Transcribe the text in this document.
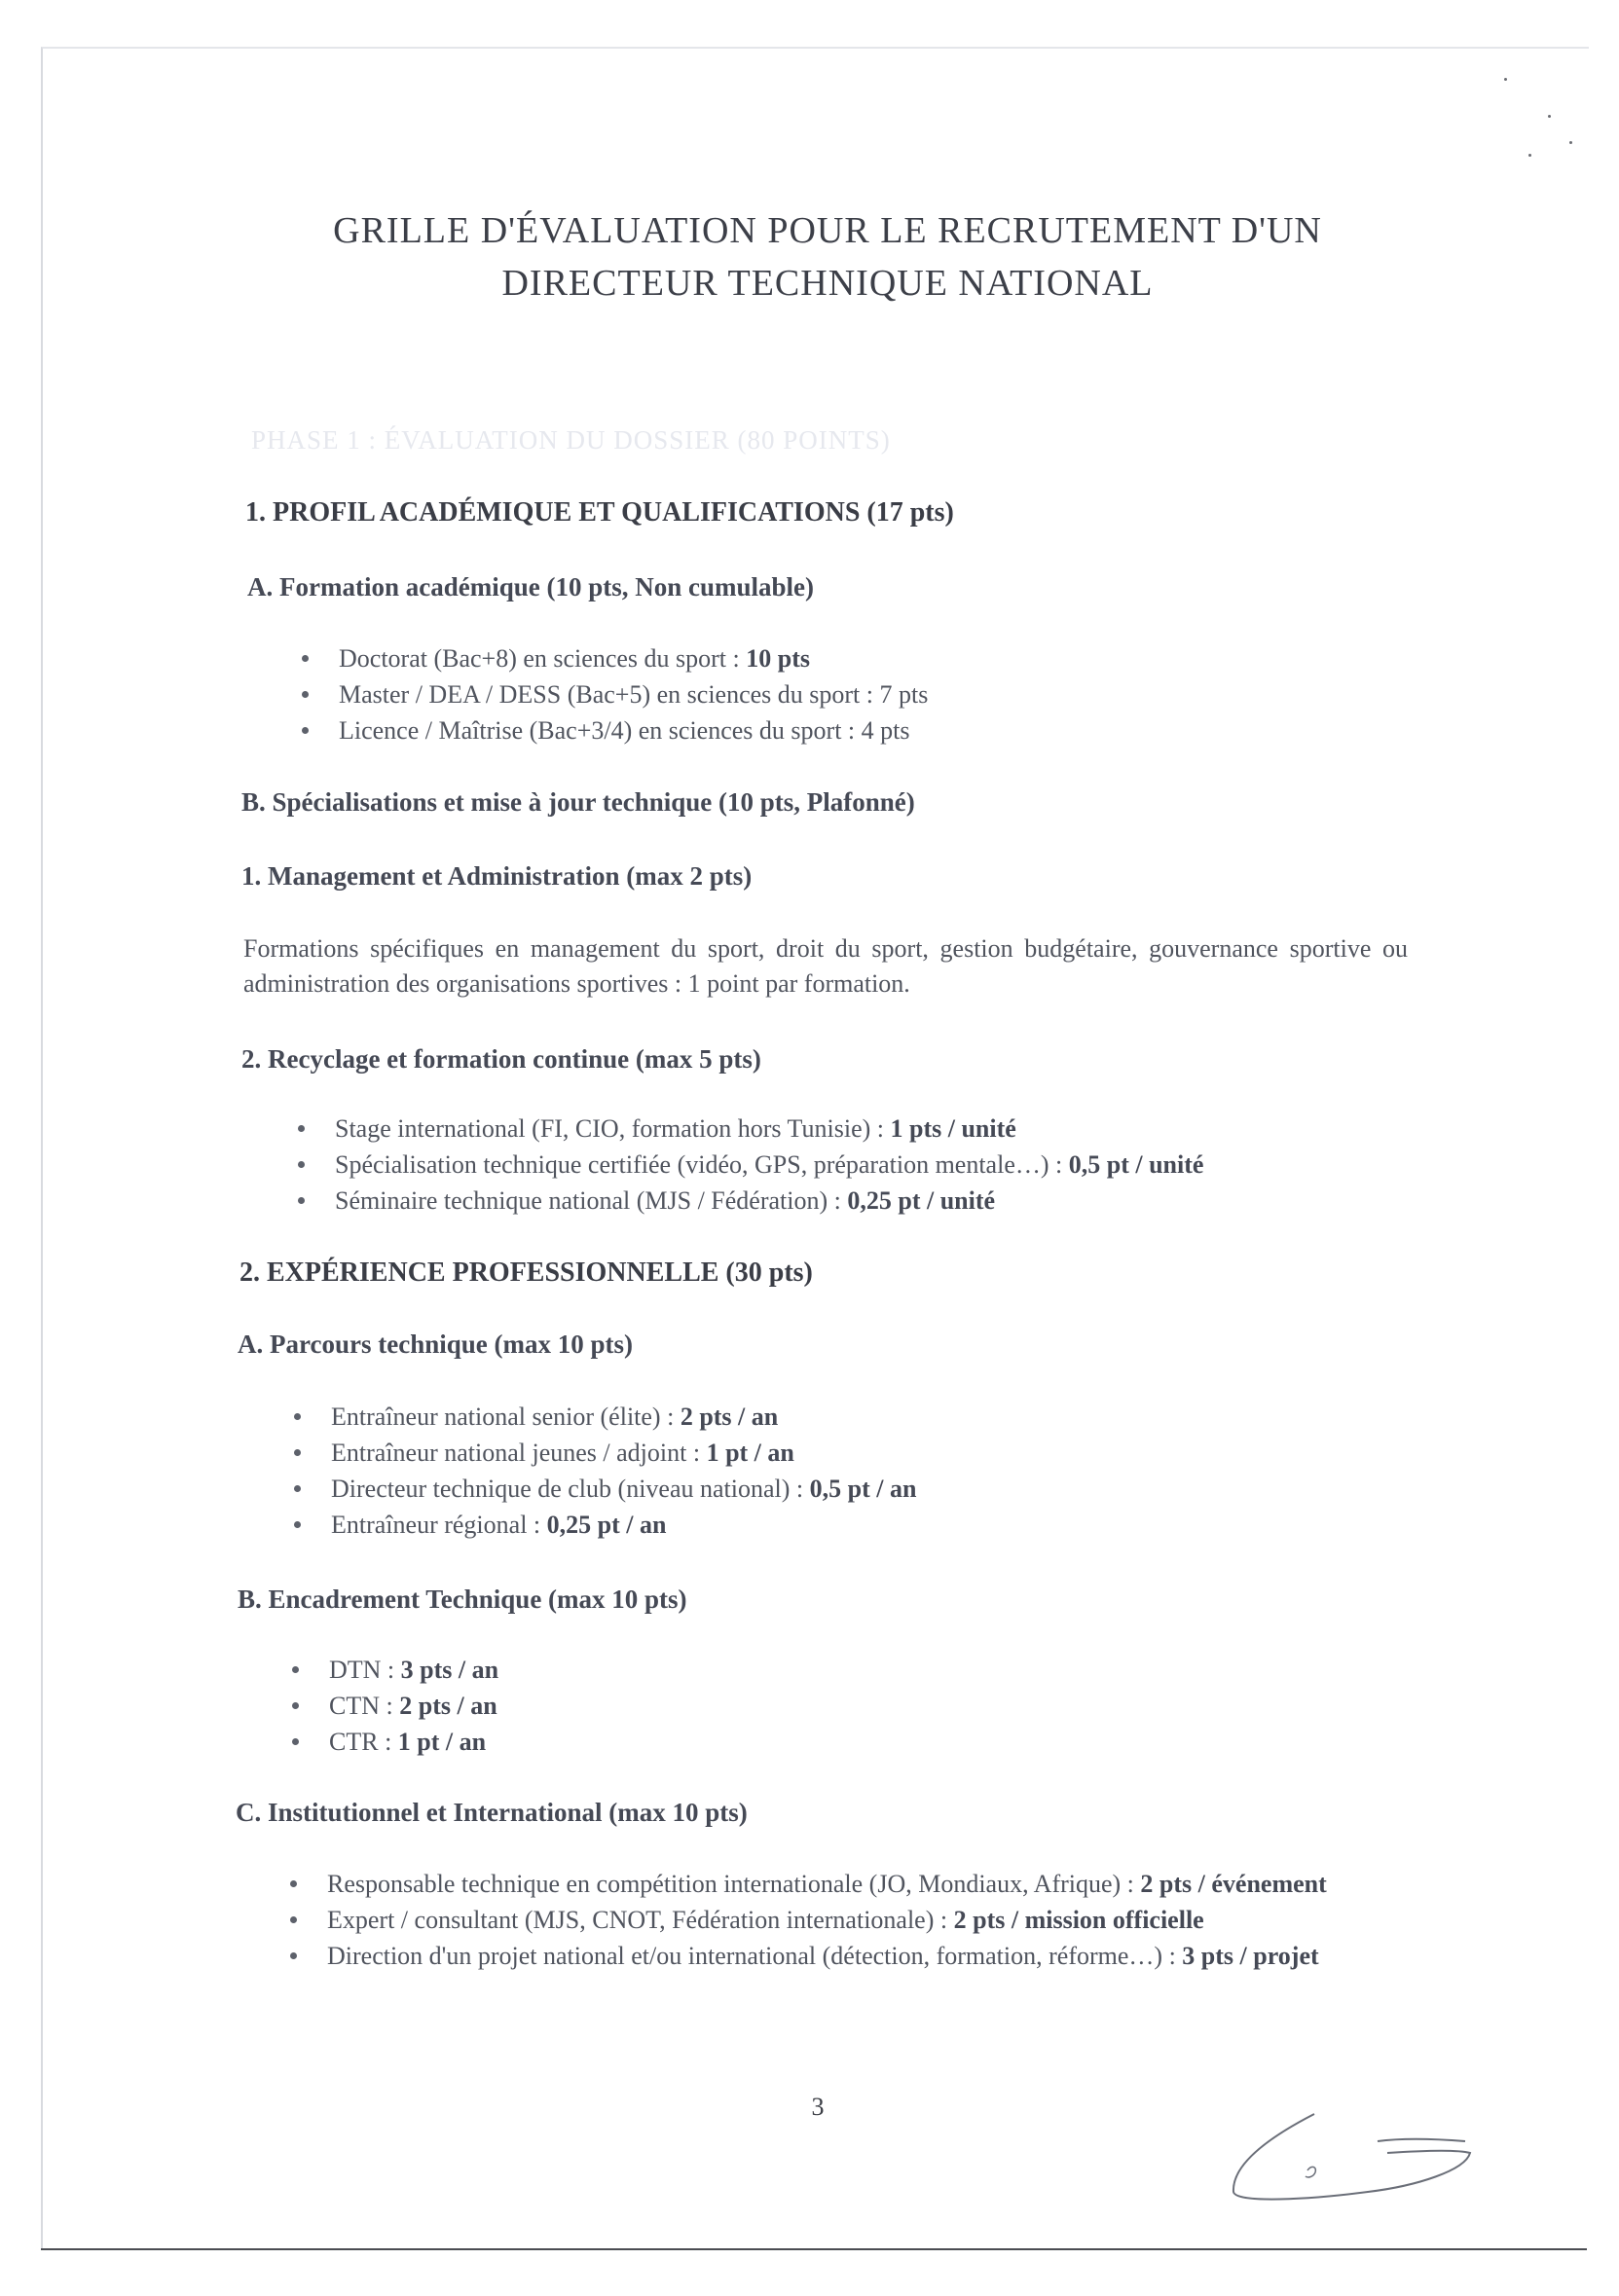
GRILLE D'ÉVALUATION POUR LE RECRUTEMENT D'UN
DIRECTEUR TECHNIQUE NATIONAL
PHASE 1 : ÉVALUATION DU DOSSIER (80 POINTS)
1. PROFIL ACADÉMIQUE ET QUALIFICATIONS (17 pts)
A. Formation académique (10 pts, Non cumulable)
Doctorat (Bac+8) en sciences du sport : 10 pts
Master / DEA / DESS (Bac+5) en sciences du sport : 7 pts
Licence / Maîtrise (Bac+3/4) en sciences du sport : 4 pts
B. Spécialisations et mise à jour technique (10 pts, Plafonné)
1. Management et Administration (max 2 pts)
Formations spécifiques en management du sport, droit du sport, gestion budgétaire, gouvernance sportive ou administration des organisations sportives : 1 point par formation.
2. Recyclage et formation continue (max 5 pts)
Stage international (FI, CIO, formation hors Tunisie) : 1 pts / unité
Spécialisation technique certifiée (vidéo, GPS, préparation mentale…) : 0,5 pt / unité
Séminaire technique national (MJS / Fédération) : 0,25 pt / unité
2. EXPÉRIENCE PROFESSIONNELLE (30 pts)
A. Parcours technique (max 10 pts)
Entraîneur national senior (élite) : 2 pts / an
Entraîneur national jeunes / adjoint : 1 pt / an
Directeur technique de club (niveau national) : 0,5 pt / an
Entraîneur régional : 0,25 pt / an
B. Encadrement Technique (max 10 pts)
DTN : 3 pts / an
CTN : 2 pts / an
CTR : 1 pt / an
C. Institutionnel et International (max 10 pts)
Responsable technique en compétition internationale (JO, Mondiaux, Afrique) : 2 pts / événement
Expert / consultant (MJS, CNOT, Fédération internationale) : 2 pts / mission officielle
Direction d'un projet national et/ou international (détection, formation, réforme…) : 3 pts / projet
3
